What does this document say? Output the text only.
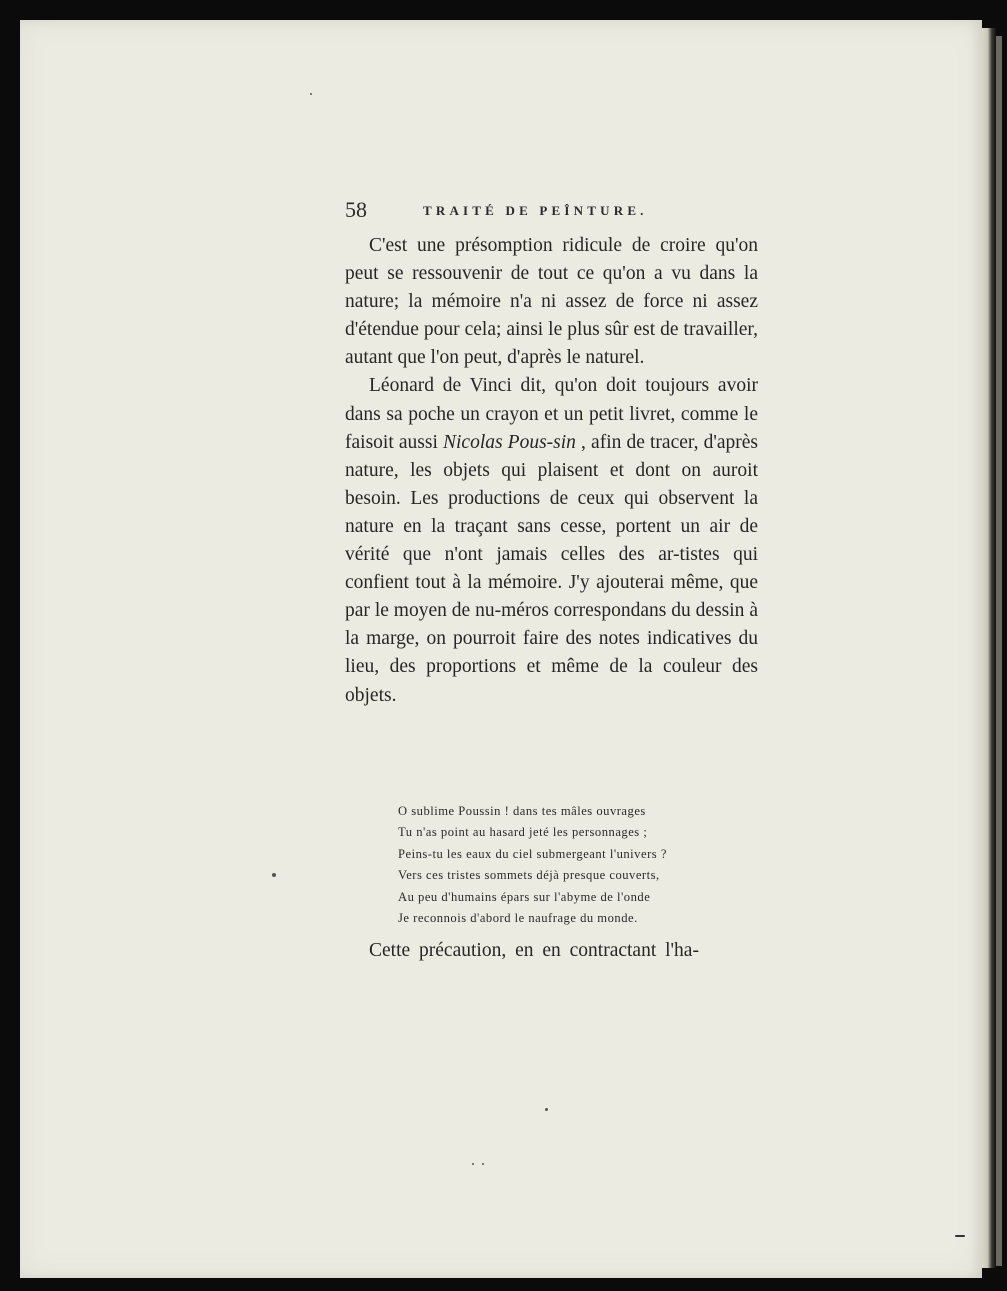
58	TRAITÉ DE PEÎNTURE.

C'est une présomption ridicule de croire qu'on peut se ressouvenir de tout ce qu'on a vu dans la nature; la mémoire n'a ni assez de force ni assez d'étendue pour cela; ainsi le plus sûr est de travailler, autant que l'on peut, d'après le naturel.

Léonard de Vinci dit, qu'on doit toujours avoir dans sa poche un crayon et un petit livret, comme le faisoit aussi Nicolas Pous-sin , afin de tracer, d'après nature, les objets qui plaisent et dont on auroit besoin. Les productions de ceux qui observent la nature en la traçant sans cesse, portent un air de vérité que n'ont jamais celles des ar-tistes qui confient tout à la mémoire. J'y ajouterai même, que par le moyen de nu-méros correspondans du dessin à la marge, on pourroit faire des notes indicatives du lieu, des proportions et même de la couleur des objets.

O sublime Poussin ! dans tes mâles ouvrages
Tu n'as point au hasard jeté les personnages ;
Peins-tu les eaux du ciel submergeant l'univers ?
Vers ces tristes sommets déjà presque couverts,
Au peu d'humains épars sur l'abyme de l'onde
Je reconnois d'abord le naufrage du monde.
Cette précaution, en en contractant l'ha-
